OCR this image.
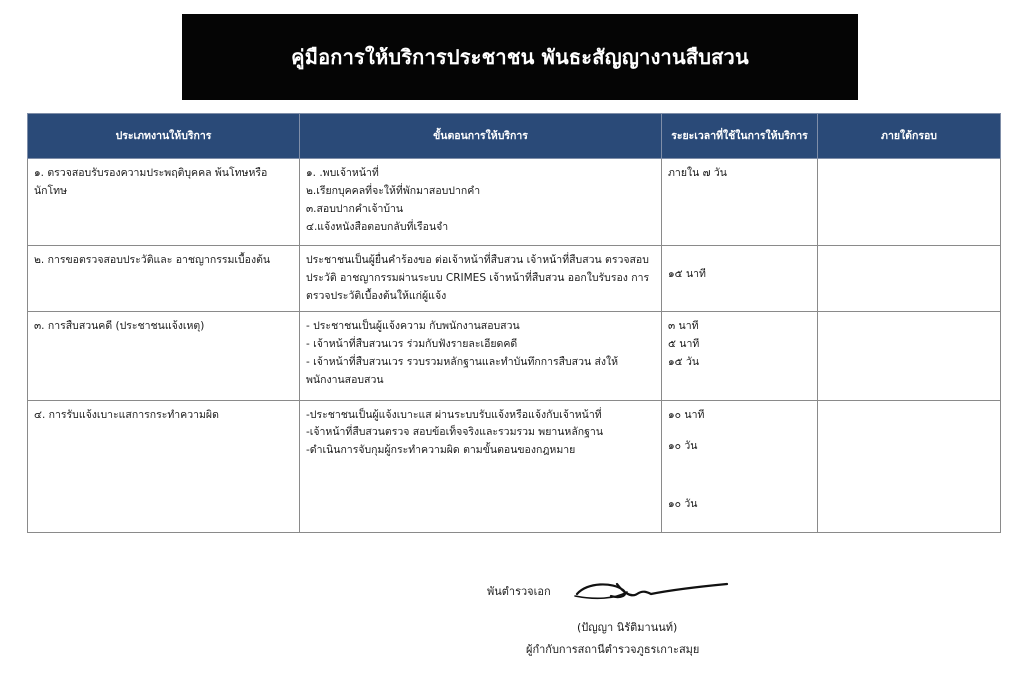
คู่มือการให้บริการประชาชน พันธะสัญญางานสืบสวน
ประเภทงานให้บริการ	ขั้นตอนการให้บริการ	ระยะเวลาที่ใช้ในการให้บริการ	ภายใต้กรอบ

๑. ตรวจสอบรับรองความประพฤติบุคคล พ้นโทษหรือนักโทษ	๑. .พบเจ้าหน้าที่
๒.เรียกบุคคลที่จะให้ที่พักมาสอบปากคำ
๓.สอบปากคำเจ้าบ้าน
๔.แจ้งหนังสือตอบกลับที่เรือนจำ	ภายใน ๗ วัน	

๒. การขอตรวจสอบประวัติและ อาชญากรรมเบื้องต้น	ประชาชนเป็นผู้ยื่นคำร้องขอ ต่อเจ้าหน้าที่สืบสวน เจ้าหน้าที่สืบสวน ตรวจสอบประวัติ อาชญากรรมผ่านระบบ CRIMES เจ้าหน้าที่สืบสวน ออกใบรับรอง การตรวจประวัติเบื้องต้นให้แก่ผู้แจ้ง	๑๕ นาที	

๓. การสืบสวนคดี (ประชาชนแจ้งเหตุ)	- ประชาชนเป็นผู้แจ้งความ กับพนักงานสอบสวน
- เจ้าหน้าที่สืบสวนเวร ร่วมกับฟังรายละเอียดคดี
- เจ้าหน้าที่สืบสวนเวร รวบรวมหลักฐานและทำบันทึกการสืบสวน ส่งให้พนักงานสอบสวน	๓ นาที
๕ นาที
๑๕ วัน	

๔. การรับแจ้งเบาะแสการกระทำความผิด	-ประชาชนเป็นผู้แจ้งเบาะแส ผ่านระบบรับแจ้งหรือแจ้งกับเจ้าหน้าที่
-เจ้าหน้าที่สืบสวนตรวจ สอบข้อเท็จจริงและรวมรวม พยานหลักฐาน
-ดำเนินการจับกุมผู้กระทำความผิด ตามขั้นตอนของกฎหมาย	๑๐ นาที
๑๐ วัน
๑๐ วัน	

พันตำรวจเอก
(ปัญญา นิรัติมานนท์)
ผู้กำกับการสถานีตำรวจภูธรเกาะสมุย
